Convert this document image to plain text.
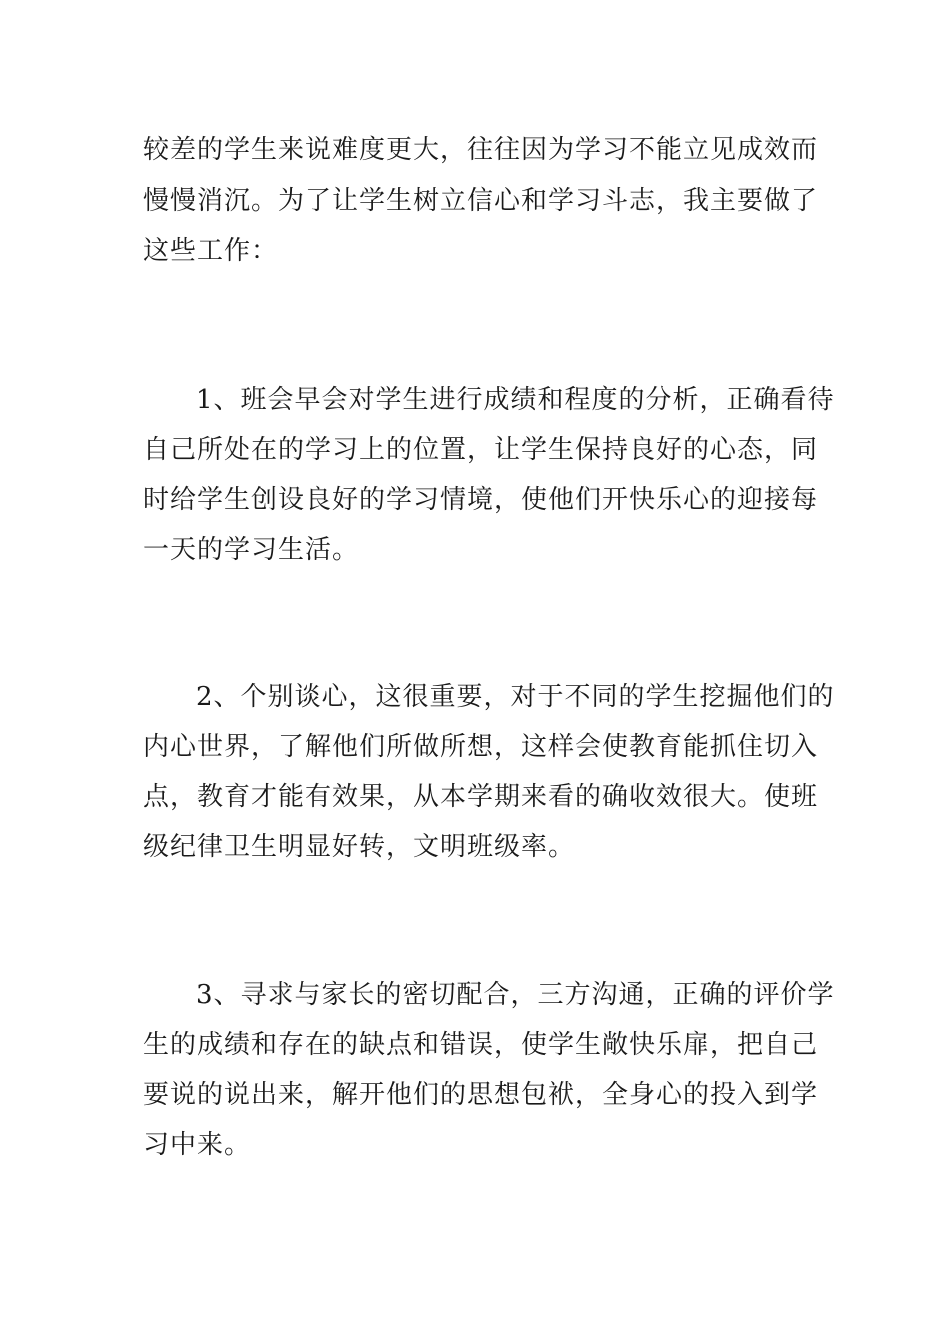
较差的学生来说难度更大，往往因为学习不能立见成效而

慢慢消沉。为了让学生树立信心和学习斗志，我主要做了

这些工作：

1、班会早会对学生进行成绩和程度的分析，正确看待

自己所处在的学习上的位置，让学生保持良好的心态，同

时给学生创设良好的学习情境，使他们开快乐心的迎接每

一天的学习生活。

2、个别谈心，这很重要，对于不同的学生挖掘他们的

内心世界，了解他们所做所想，这样会使教育能抓住切入

点，教育才能有效果，从本学期来看的确收效很大。使班

级纪律卫生明显好转，文明班级率。

3、寻求与家长的密切配合，三方沟通，正确的评价学

生的成绩和存在的缺点和错误，使学生敞快乐扉，把自己

要说的说出来，解开他们的思想包袱，全身心的投入到学

习中来。
